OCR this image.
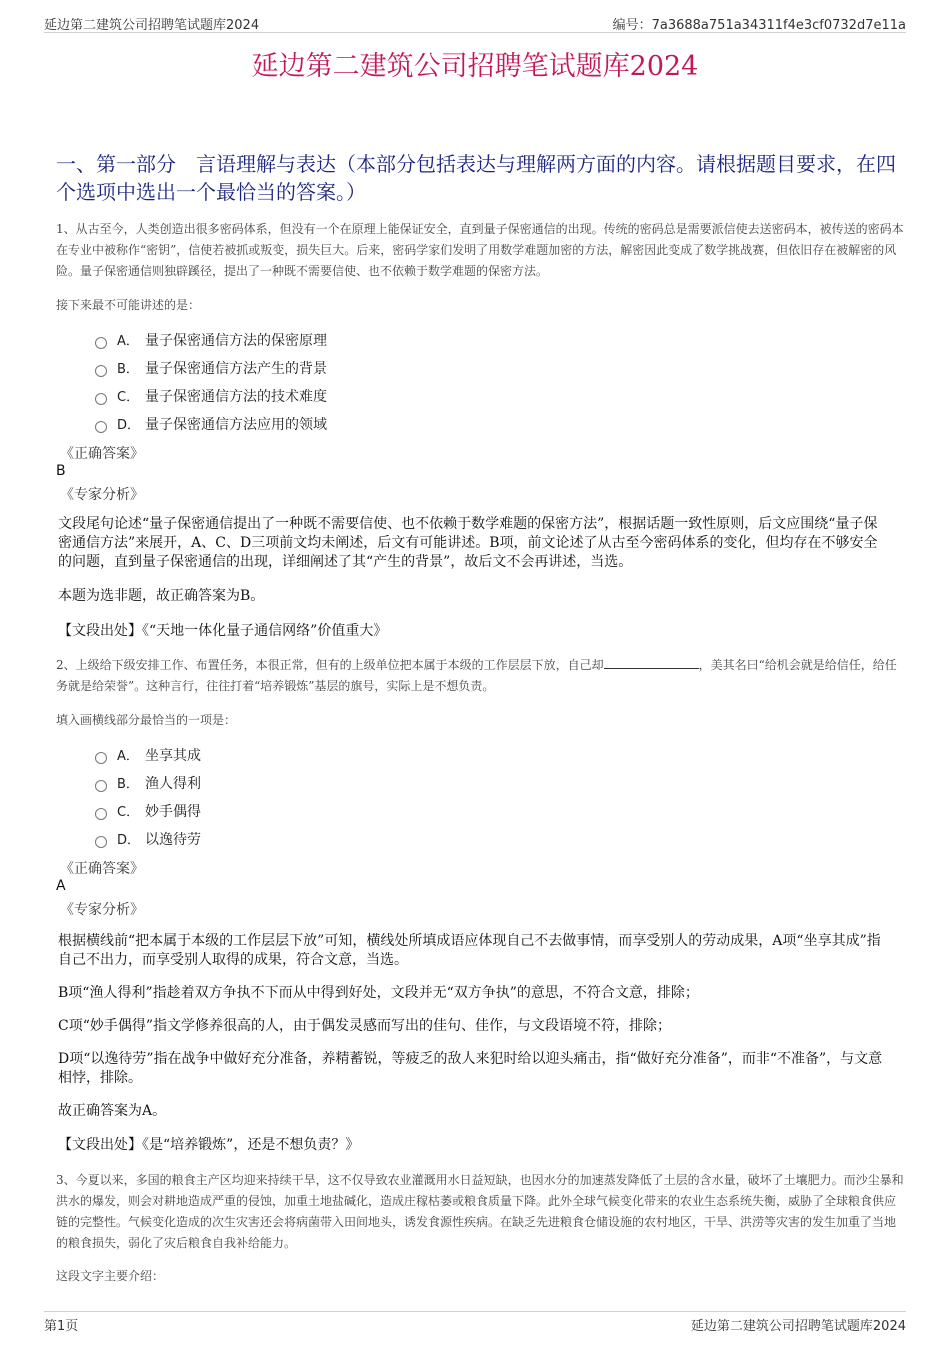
延边第二建筑公司招聘笔试题库2024	编号：7a3688a751a34311f4e3cf0732d7e11a
延边第二建筑公司招聘笔试题库2024
一、第一部分　言语理解与表达（本部分包括表达与理解两方面的内容。请根据题目要求，在四个选项中选出一个最恰当的答案。）
1、从古至今，人类创造出很多密码体系，但没有一个在原理上能保证安全，直到量子保密通信的出现。传统的密码总是需要派信使去送密码本，被传送的密码本在专业中被称作“密钥”，信使若被抓或叛变，损失巨大。后来，密码学家们发明了用数学难题加密的方法，解密因此变成了数学挑战赛，但依旧存在被解密的风险。量子保密通信则独辟蹊径，提出了一种既不需要信使、也不依赖于数学难题的保密方法。
接下来最不可能讲述的是：
A． 量子保密通信方法的保密原理
B． 量子保密通信方法产生的背景
C． 量子保密通信方法的技术难度
D． 量子保密通信方法应用的领域
《正确答案》
B
《专家分析》
文段尾句论述“量子保密通信提出了一种既不需要信使、也不依赖于数学难题的保密方法”，根据话题一致性原则，后文应围绕“量子保密通信方法”来展开，A、C、D三项前文均未阐述，后文有可能讲述。B项，前文论述了从古至今密码体系的变化，但均存在不够安全的问题，直到量子保密通信的出现，详细阐述了其“产生的背景”，故后文不会再讲述，当选。
本题为选非题，故正确答案为B。
【文段出处】《“天地一体化量子通信网络”价值重大》
2、上级给下级安排工作、布置任务，本很正常，但有的上级单位把本属于本级的工作层层下放，自己却	，美其名曰“给机会就是给信任，给任务就是给荣誉”。这种言行，往往打着“培养锻炼”基层的旗号，实际上是不想负责。
填入画横线部分最恰当的一项是：
A． 坐享其成
B． 渔人得利
C． 妙手偶得
D． 以逸待劳
《正确答案》
A
《专家分析》
根据横线前“把本属于本级的工作层层下放”可知，横线处所填成语应体现自己不去做事情，而享受别人的劳动成果，A项“坐享其成”指自己不出力，而享受别人取得的成果，符合文意，当选。
B项“渔人得利”指趁着双方争执不下而从中得到好处，文段并无“双方争执”的意思，不符合文意，排除；
C项“妙手偶得”指文学修养很高的人，由于偶发灵感而写出的佳句、佳作，与文段语境不符，排除；
D项“以逸待劳”指在战争中做好充分准备，养精蓄锐，等疲乏的敌人来犯时给以迎头痛击，指“做好充分准备”，而非“不准备”，与文意相悖，排除。
故正确答案为A。
【文段出处】《是“培养锻炼”，还是不想负责？》
3、今夏以来，多国的粮食主产区均迎来持续干旱，这不仅导致农业灌溉用水日益短缺，也因水分的加速蒸发降低了土层的含水量，破坏了土壤肥力。而沙尘暴和洪水的爆发，则会对耕地造成严重的侵蚀，加重土地盐碱化，造成庄稼枯萎或粮食质量下降。此外全球气候变化带来的农业生态系统失衡，威胁了全球粮食供应链的完整性。气候变化造成的次生灾害还会将病菌带入田间地头，诱发食源性疾病。在缺乏先进粮食仓储设施的农村地区，干旱、洪涝等灾害的发生加重了当地的粮食损失，弱化了灾后粮食自我补给能力。
这段文字主要介绍：
第1页	延边第二建筑公司招聘笔试题库2024
